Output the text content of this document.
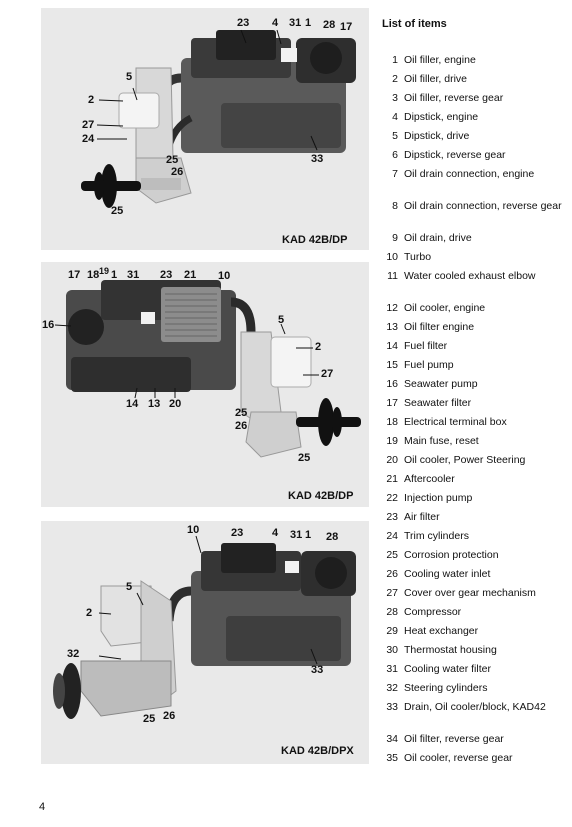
23 4 31 1 28 17
5
2
27
24
25
26
25
33
KAD 42B/DP
17 18 19 1 31 23 21 10
16	5
2
27
14 13 20
25
26
25
KAD 42B/DP
10	23	4 31 1 28
5
2
32
25 26
33
KAD 42B/DPX
List of items
1 Oil filler, engine
2 Oil filler, drive
3 Oil filler, reverse gear
4 Dipstick, engine
5 Dipstick, drive
6 Dipstick, reverse gear
7 Oil drain connection, engine
8 Oil drain connection, reverse gear
9 Oil drain, drive
10 Turbo
11 Water cooled exhaust elbow
12 Oil cooler, engine
13 Oil filter engine
14 Fuel filter
15 Fuel pump
16 Seawater pump
17 Seawater filter
18 Electrical terminal box
19 Main fuse, reset
20 Oil cooler, Power Steering
21 Aftercooler
22 Injection pump
23 Air filter
24 Trim cylinders
25 Corrosion protection
26 Cooling water inlet
27 Cover over gear mechanism
28 Compressor
29 Heat exchanger
30 Thermostat housing
31 Cooling water filter
32 Steering cylinders
33 Drain, Oil cooler/block, KAD42
34 Oil filter, reverse gear
35 Oil cooler, reverse gear
4
